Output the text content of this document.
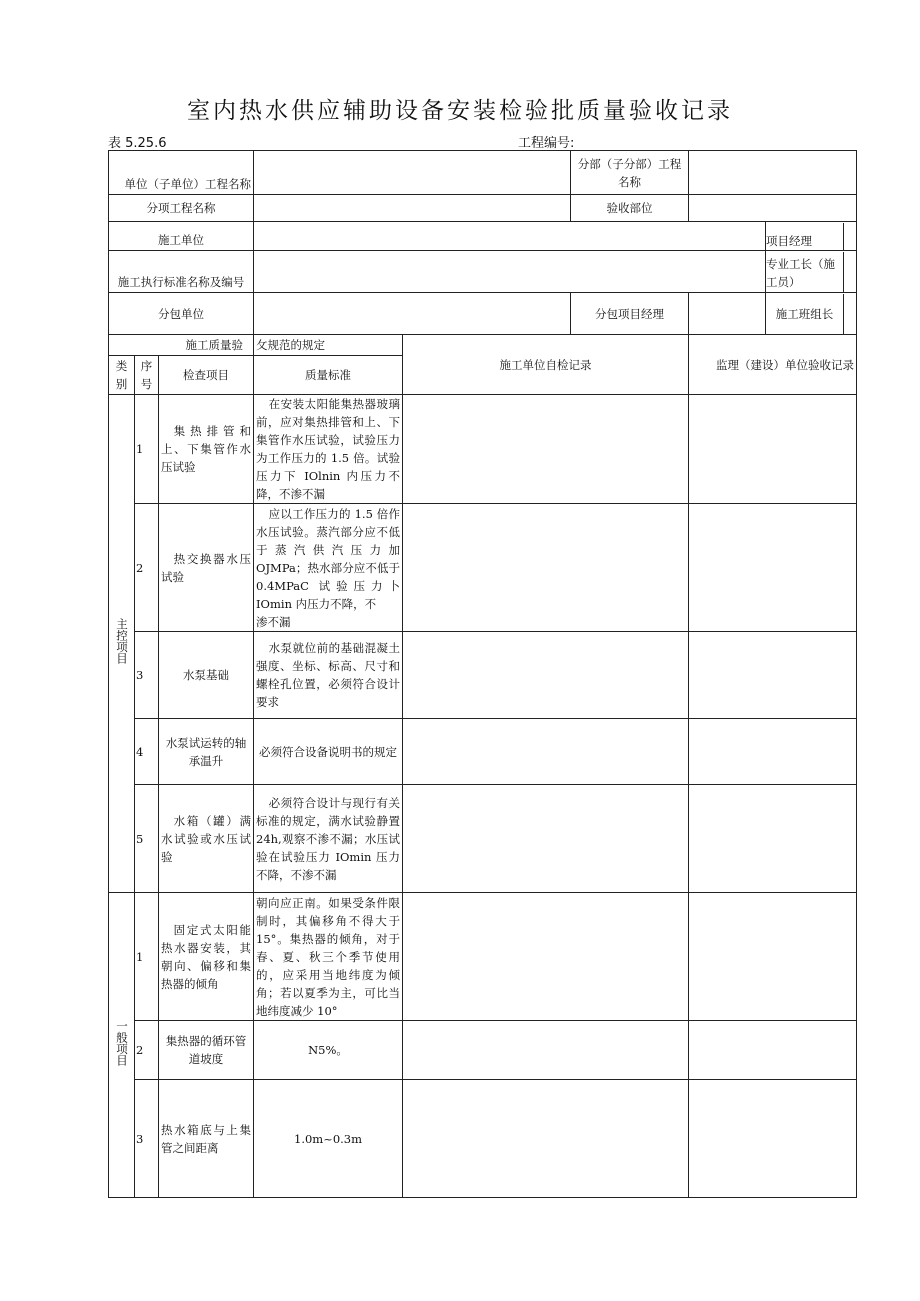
室内热水供应辅助设备安装检验批质量验收记录
表 5.25.6	工程编号:
单位（子单位）工程名称					分部（子分部）工程名称		
分项工程名称					验收部位		
施工单位							项目经理

施工执行标准名称及编号							专业工长（施工员）

分包单位					分包项目经理		施工班组长

施工质量验			攵规范的规定	施工单位自检记录		监理（建设）单位验收记录	
类别	序号	检查项目	质量标准				
主控项目	1	集热排管和上、下集管作水压试验	在安装太阳能集热器玻璃前，应对集热排管和上、下集管作水压试验，试验压力为工作压力的 1.5 倍。试验压力下 IOlnin 内压力不降，不渗不漏				
	2	热交换器水压试验	应以工作压力的 1.5 倍作水压试验。蒸汽部分应不低于蒸汽供汽压力加 OJMPa；热水部分应不低于 0.4MPaC 试验压力卜IOmin 内压力不降，不
渗不漏				

	3	水泵基础	水泵就位前的基础混凝土强度、坐标、标高、尺寸和螺栓孔位置，必须符合设计要求				
	4	水泵试运转的轴承温升	必须符合设备说明书的规定				
	5	水箱（罐）满水试验或水压试验	必须符合设计与现行有关标准的规定，满水试验静置 24h,观察不渗不漏；水压试验在试验压力 IOmin 压力不降，不渗不漏				
一般项目	1	固定式太阳能热水器安装，其朝向、偏移和集热器的倾角	朝向应正南。如果受条件限制时，其偏移角不得大于 15°。集热器的倾角，对于春、夏、秋三个季节使用的，应采用当地纬度为倾角；若以夏季为主，可比当地纬度减少 10°				
	2	集热器的循环管道坡度	N5%。				
	3	热水箱底与上集管之间距离	1.0m~0.3m				
